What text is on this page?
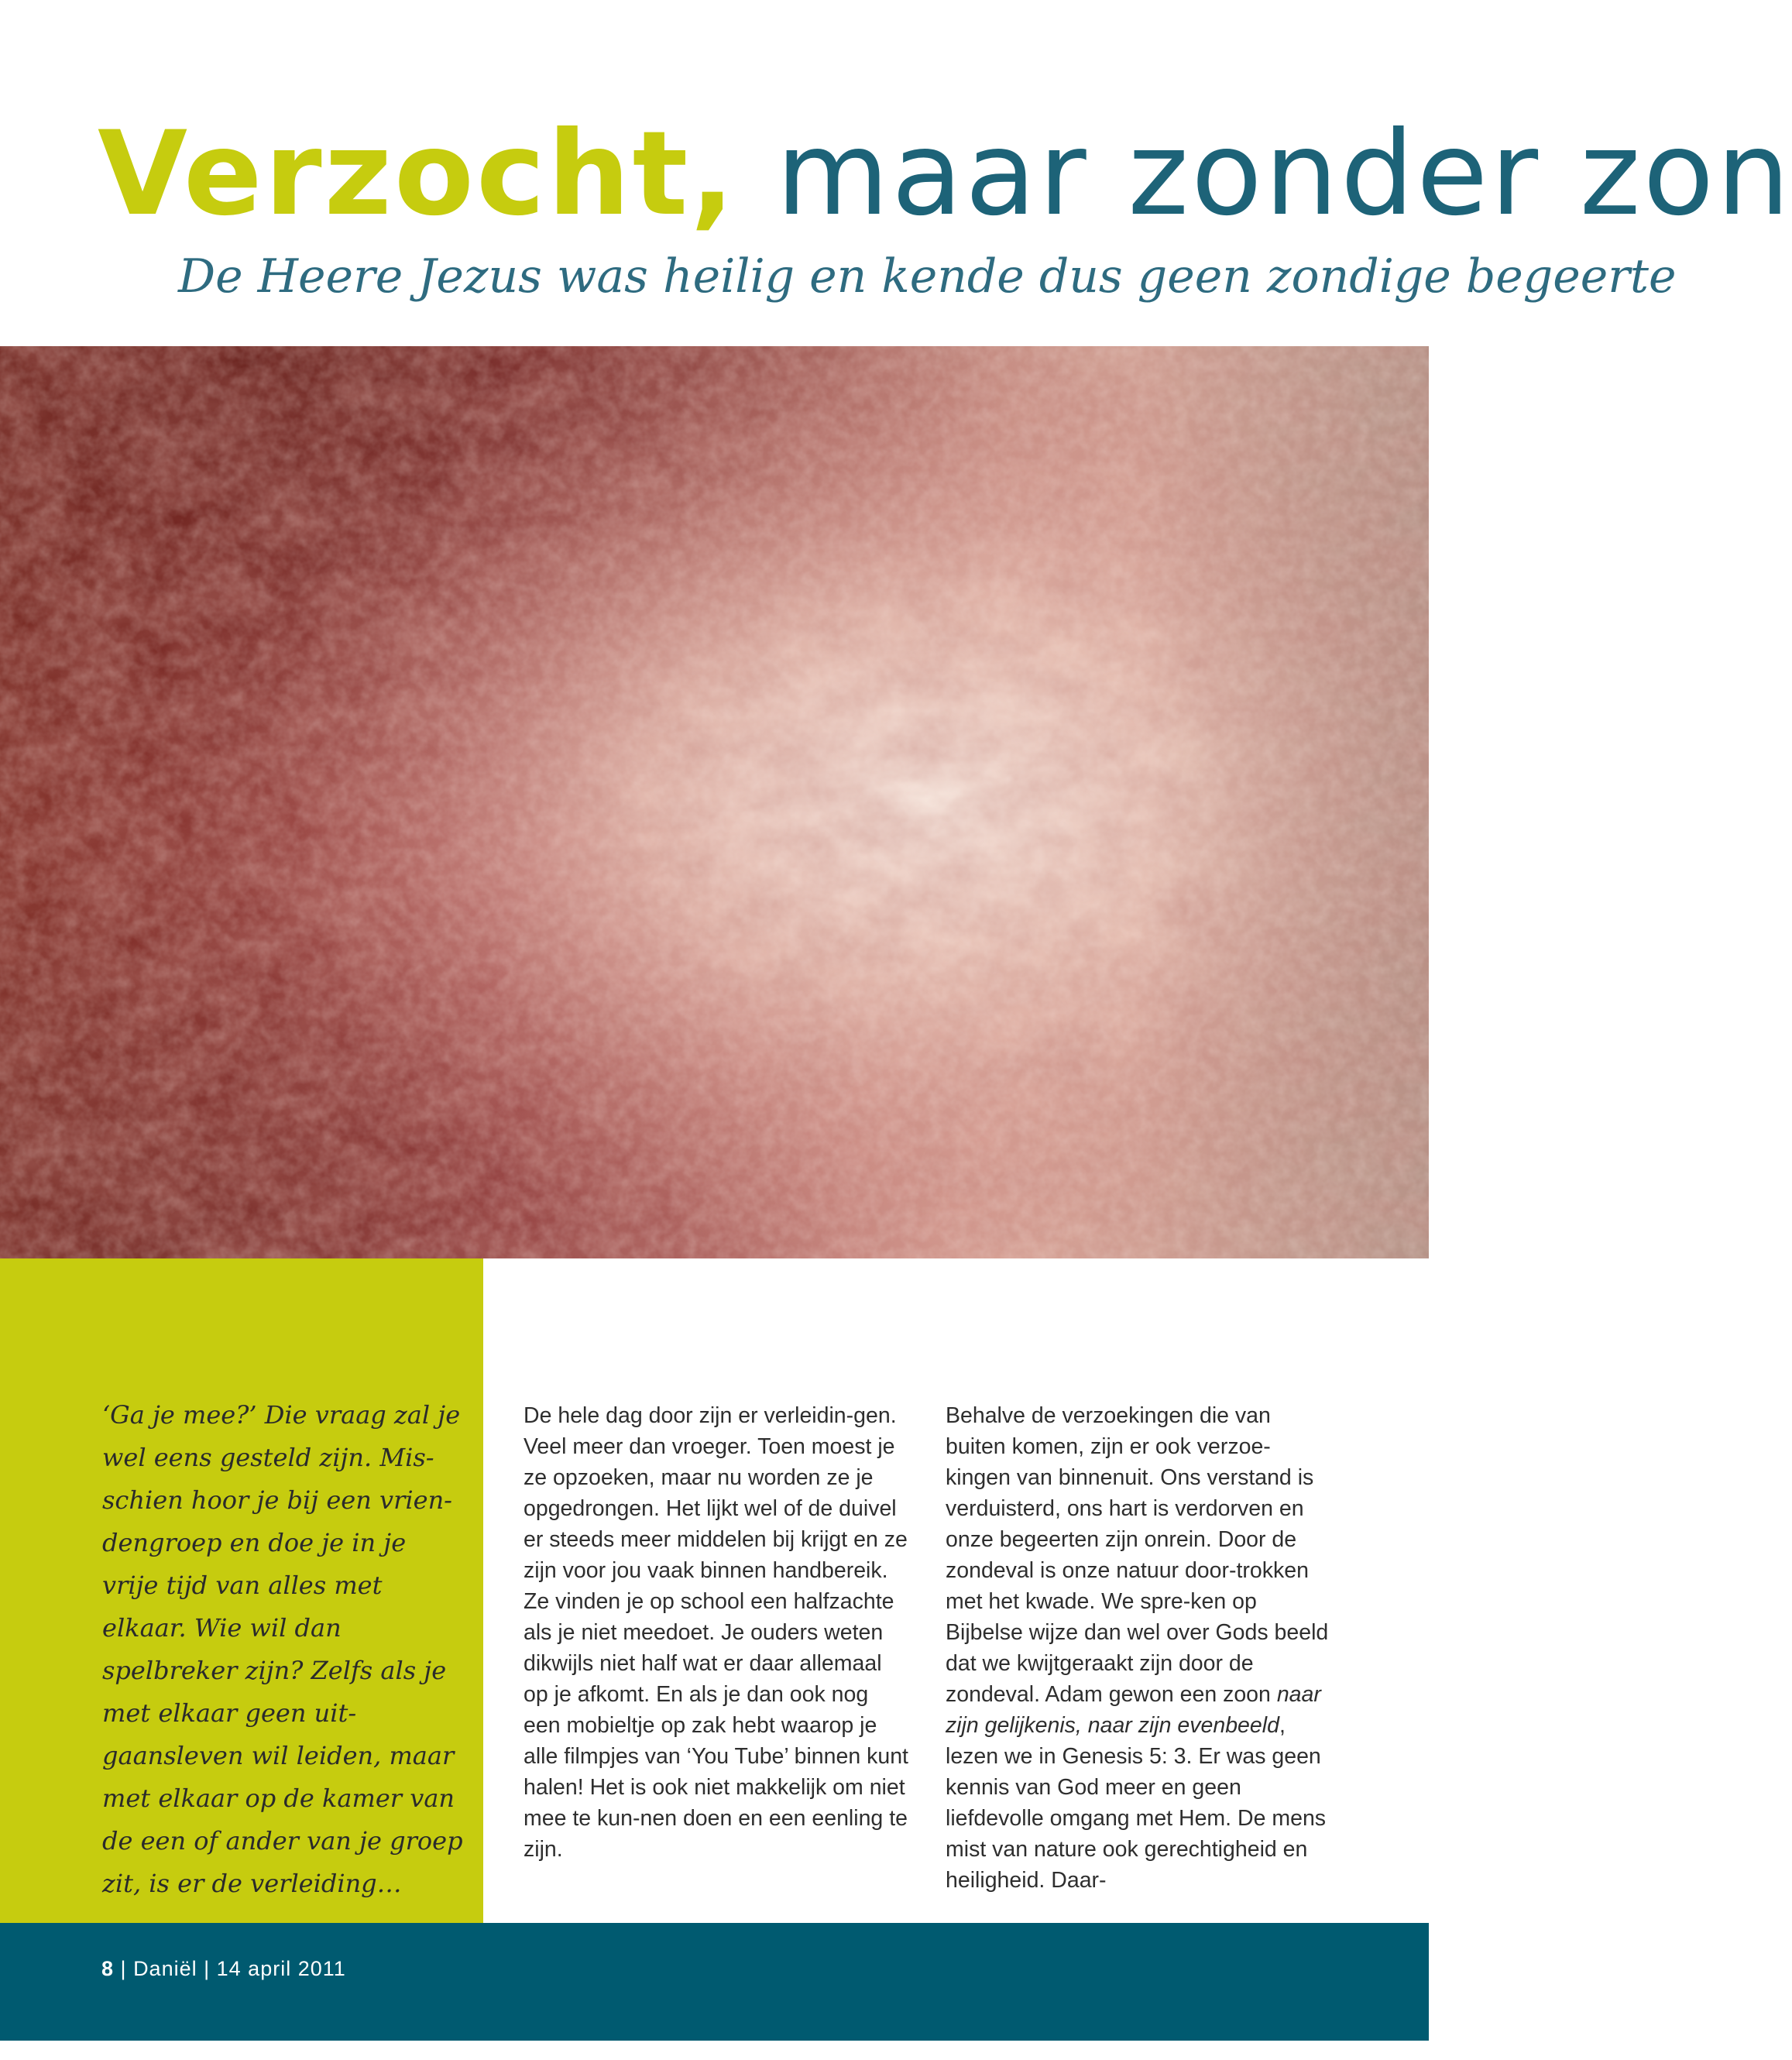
Verzocht, maar zonder zon
De Heere Jezus was heilig en kende dus geen zondige begeerte
‘Ga je mee?’ Die vraag zal je wel eens gesteld zijn. Mis-schien hoor je bij een vrien-dengroep en doe je in je vrije tijd van alles met elkaar. Wie wil dan spelbreker zijn? Zelfs als je met elkaar geen uit-gaansleven wil leiden, maar met elkaar op de kamer van de een of ander van je groep zit, is er de verleiding…

De hele dag door zijn er verleidin-gen. Veel meer dan vroeger. Toen moest je ze opzoeken, maar nu worden ze je opgedrongen. Het lijkt wel of de duivel er steeds meer middelen bij krijgt en ze zijn voor jou vaak binnen handbereik. Ze vinden je op school een halfzachte als je niet meedoet. Je ouders weten dikwijls niet half wat er daar allemaal op je afkomt. En als je dan ook nog een mobieltje op zak hebt waarop je alle filmpjes van ‘You Tube’ binnen kunt halen! Het is ook niet makkelijk om niet mee te kun-nen doen en een eenling te zijn.

Behalve de verzoekingen die van buiten komen, zijn er ook verzoe-kingen van binnenuit. Ons verstand is verduisterd, ons hart is verdorven en onze begeerten zijn onrein. Door de zondeval is onze natuur door-trokken met het kwade. We spre-ken op Bijbelse wijze dan wel over Gods beeld dat we kwijtgeraakt zijn door de zondeval. Adam gewon een zoon naar zijn gelijkenis, naar zijn evenbeeld, lezen we in Genesis 5: 3. Er was geen kennis van God meer en geen liefdevolle omgang met Hem. De mens mist van nature ook gerechtigheid en heiligheid. Daar-

8 | Daniël | 14 april 2011
